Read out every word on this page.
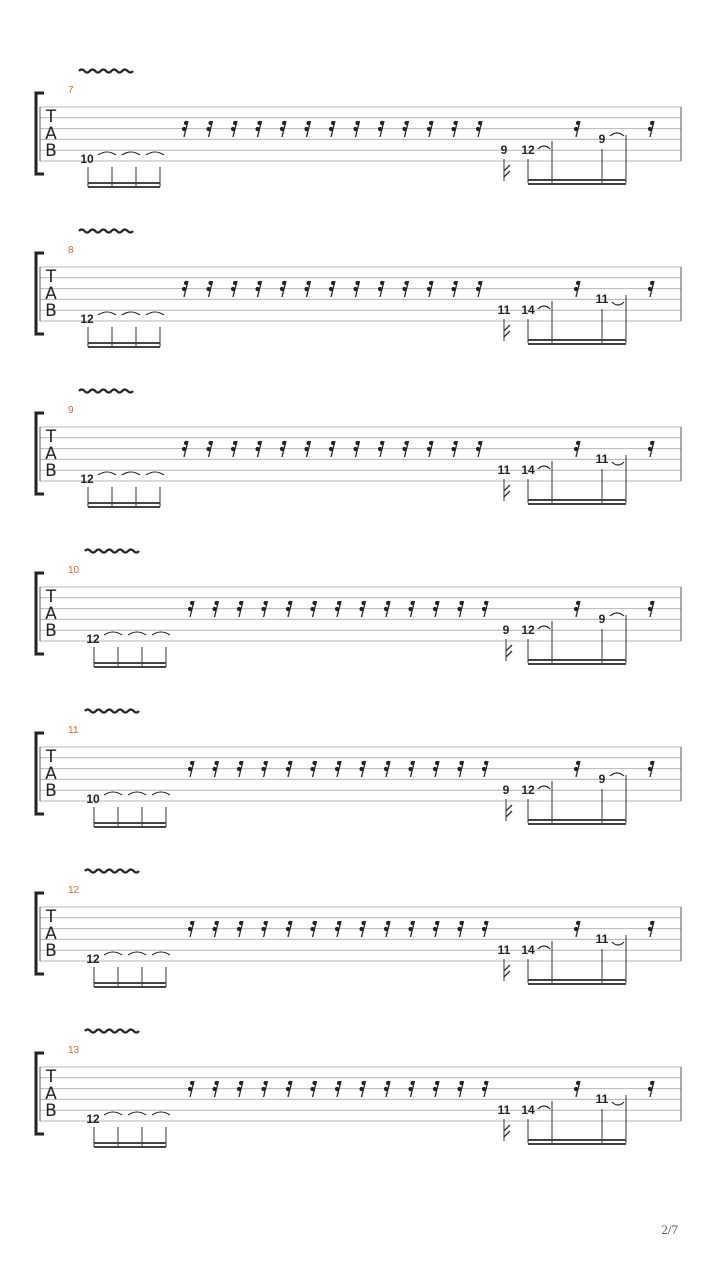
7
T
A
B 10
9 12
9
8
T
A
B 12
11 14
11
9
T
A
B 12
11 14
11
10
T
A
B 12
9 12
9
11
T
A
B 10
9 12
9
12
T
A
B 12
11 14
11
13
T
A
B 12
11 14
11
2/7
